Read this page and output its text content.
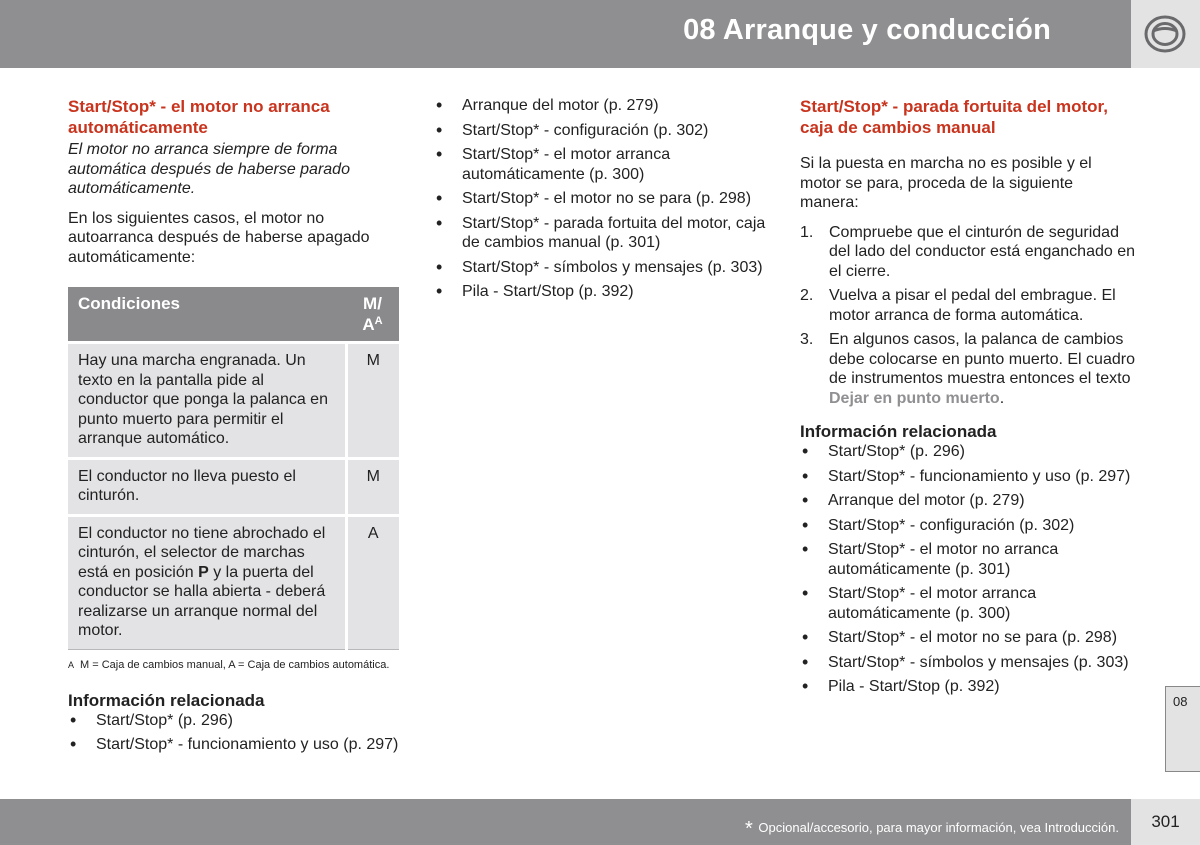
08 Arranque y conducción
Start/Stop* - el motor no arranca automáticamente

El motor no arranca siempre de forma automática después de haberse parado automáticamente.

En los siguientes casos, el motor no autoarranca después de haberse apagado automáticamente:

Condiciones	M/
$A^A$
Hay una marcha engranada. Un texto en la pantalla pide al conductor que ponga la palanca en punto muerto para permitir el arranque automático.	M
El conductor no lleva puesto el cinturón.	M
El conductor no tiene abrochado el cinturón, el selector de marchas está en posición P y la puerta del conductor se halla abierta - deberá realizarse un arranque normal del motor.	A
A M = Caja de cambios manual, A = Caja de cambios automática.
Información relacionada
• Start/Stop* (p. 296)
• Start/Stop* - funcionamiento y uso (p. 297)
• Arranque del motor (p. 279)
• Start/Stop* - configuración (p. 302)
• Start/Stop* - el motor arranca automáticamente (p. 300)
• Start/Stop* - el motor no se para (p. 298)
• Start/Stop* - parada fortuita del motor, caja de cambios manual (p. 301)
• Start/Stop* - símbolos y mensajes (p. 303)
• Pila - Start/Stop (p. 392)
Start/Stop* - parada fortuita del motor, caja de cambios manual

Si la puesta en marcha no es posible y el motor se para, proceda de la siguiente manera:

1. Compruebe que el cinturón de seguridad del lado del conductor está enganchado en el cierre.
2. Vuelva a pisar el pedal del embrague. El motor arranca de forma automática.
3. En algunos casos, la palanca de cambios debe colocarse en punto muerto. El cuadro de instrumentos muestra entonces el texto Dejar en punto muerto.
Información relacionada
• Start/Stop* (p. 296)
• Start/Stop* - funcionamiento y uso (p. 297)
• Arranque del motor (p. 279)
• Start/Stop* - configuración (p. 302)
• Start/Stop* - el motor no arranca automáticamente (p. 301)
• Start/Stop* - el motor arranca automáticamente (p. 300)
• Start/Stop* - el motor no se para (p. 298)
• Start/Stop* - símbolos y mensajes (p. 303)
• Pila - Start/Stop (p. 392)
08
* Opcional/accesorio, para mayor información, vea Introducción.	301
